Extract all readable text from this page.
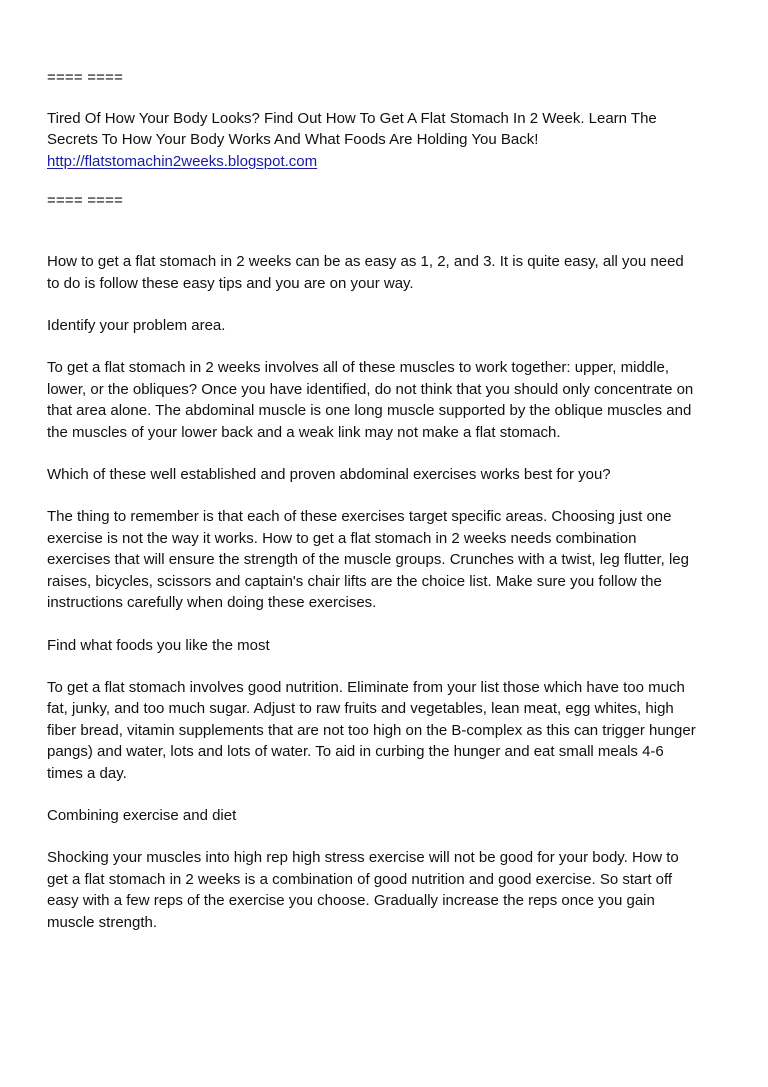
==== ====

Tired Of How Your Body Looks? Find Out How To Get A Flat Stomach In 2 Week. Learn The

Secrets To How Your Body Works And What Foods Are Holding You Back!

http://flatstomachin2weeks.blogspot.com

==== ====

How to get a flat stomach in 2 weeks can be as easy as 1, 2, and 3. It is quite easy, all you need

to do is follow these easy tips and you are on your way.

Identify your problem area.

To get a flat stomach in 2 weeks involves all of these muscles to work together: upper, middle,

lower, or the obliques? Once you have identified, do not think that you should only concentrate on

that area alone. The abdominal muscle is one long muscle supported by the oblique muscles and

the muscles of your lower back and a weak link may not make a flat stomach.

Which of these well established and proven abdominal exercises works best for you?

The thing to remember is that each of these exercises target specific areas. Choosing just one

exercise is not the way it works. How to get a flat stomach in 2 weeks needs combination

exercises that will ensure the strength of the muscle groups. Crunches with a twist, leg flutter, leg

raises, bicycles, scissors and captain's chair lifts are the choice list. Make sure you follow the

instructions carefully when doing these exercises.

Find what foods you like the most

To get a flat stomach involves good nutrition. Eliminate from your list those which have too much

fat, junky, and too much sugar. Adjust to raw fruits and vegetables, lean meat, egg whites, high

fiber bread, vitamin supplements that are not too high on the B-complex as this can trigger hunger

pangs) and water, lots and lots of water. To aid in curbing the hunger and eat small meals 4-6

times a day.

Combining exercise and diet

Shocking your muscles into high rep high stress exercise will not be good for your body. How to

get a flat stomach in 2 weeks is a combination of good nutrition and good exercise. So start off

easy with a few reps of the exercise you choose. Gradually increase the reps once you gain

muscle strength.
